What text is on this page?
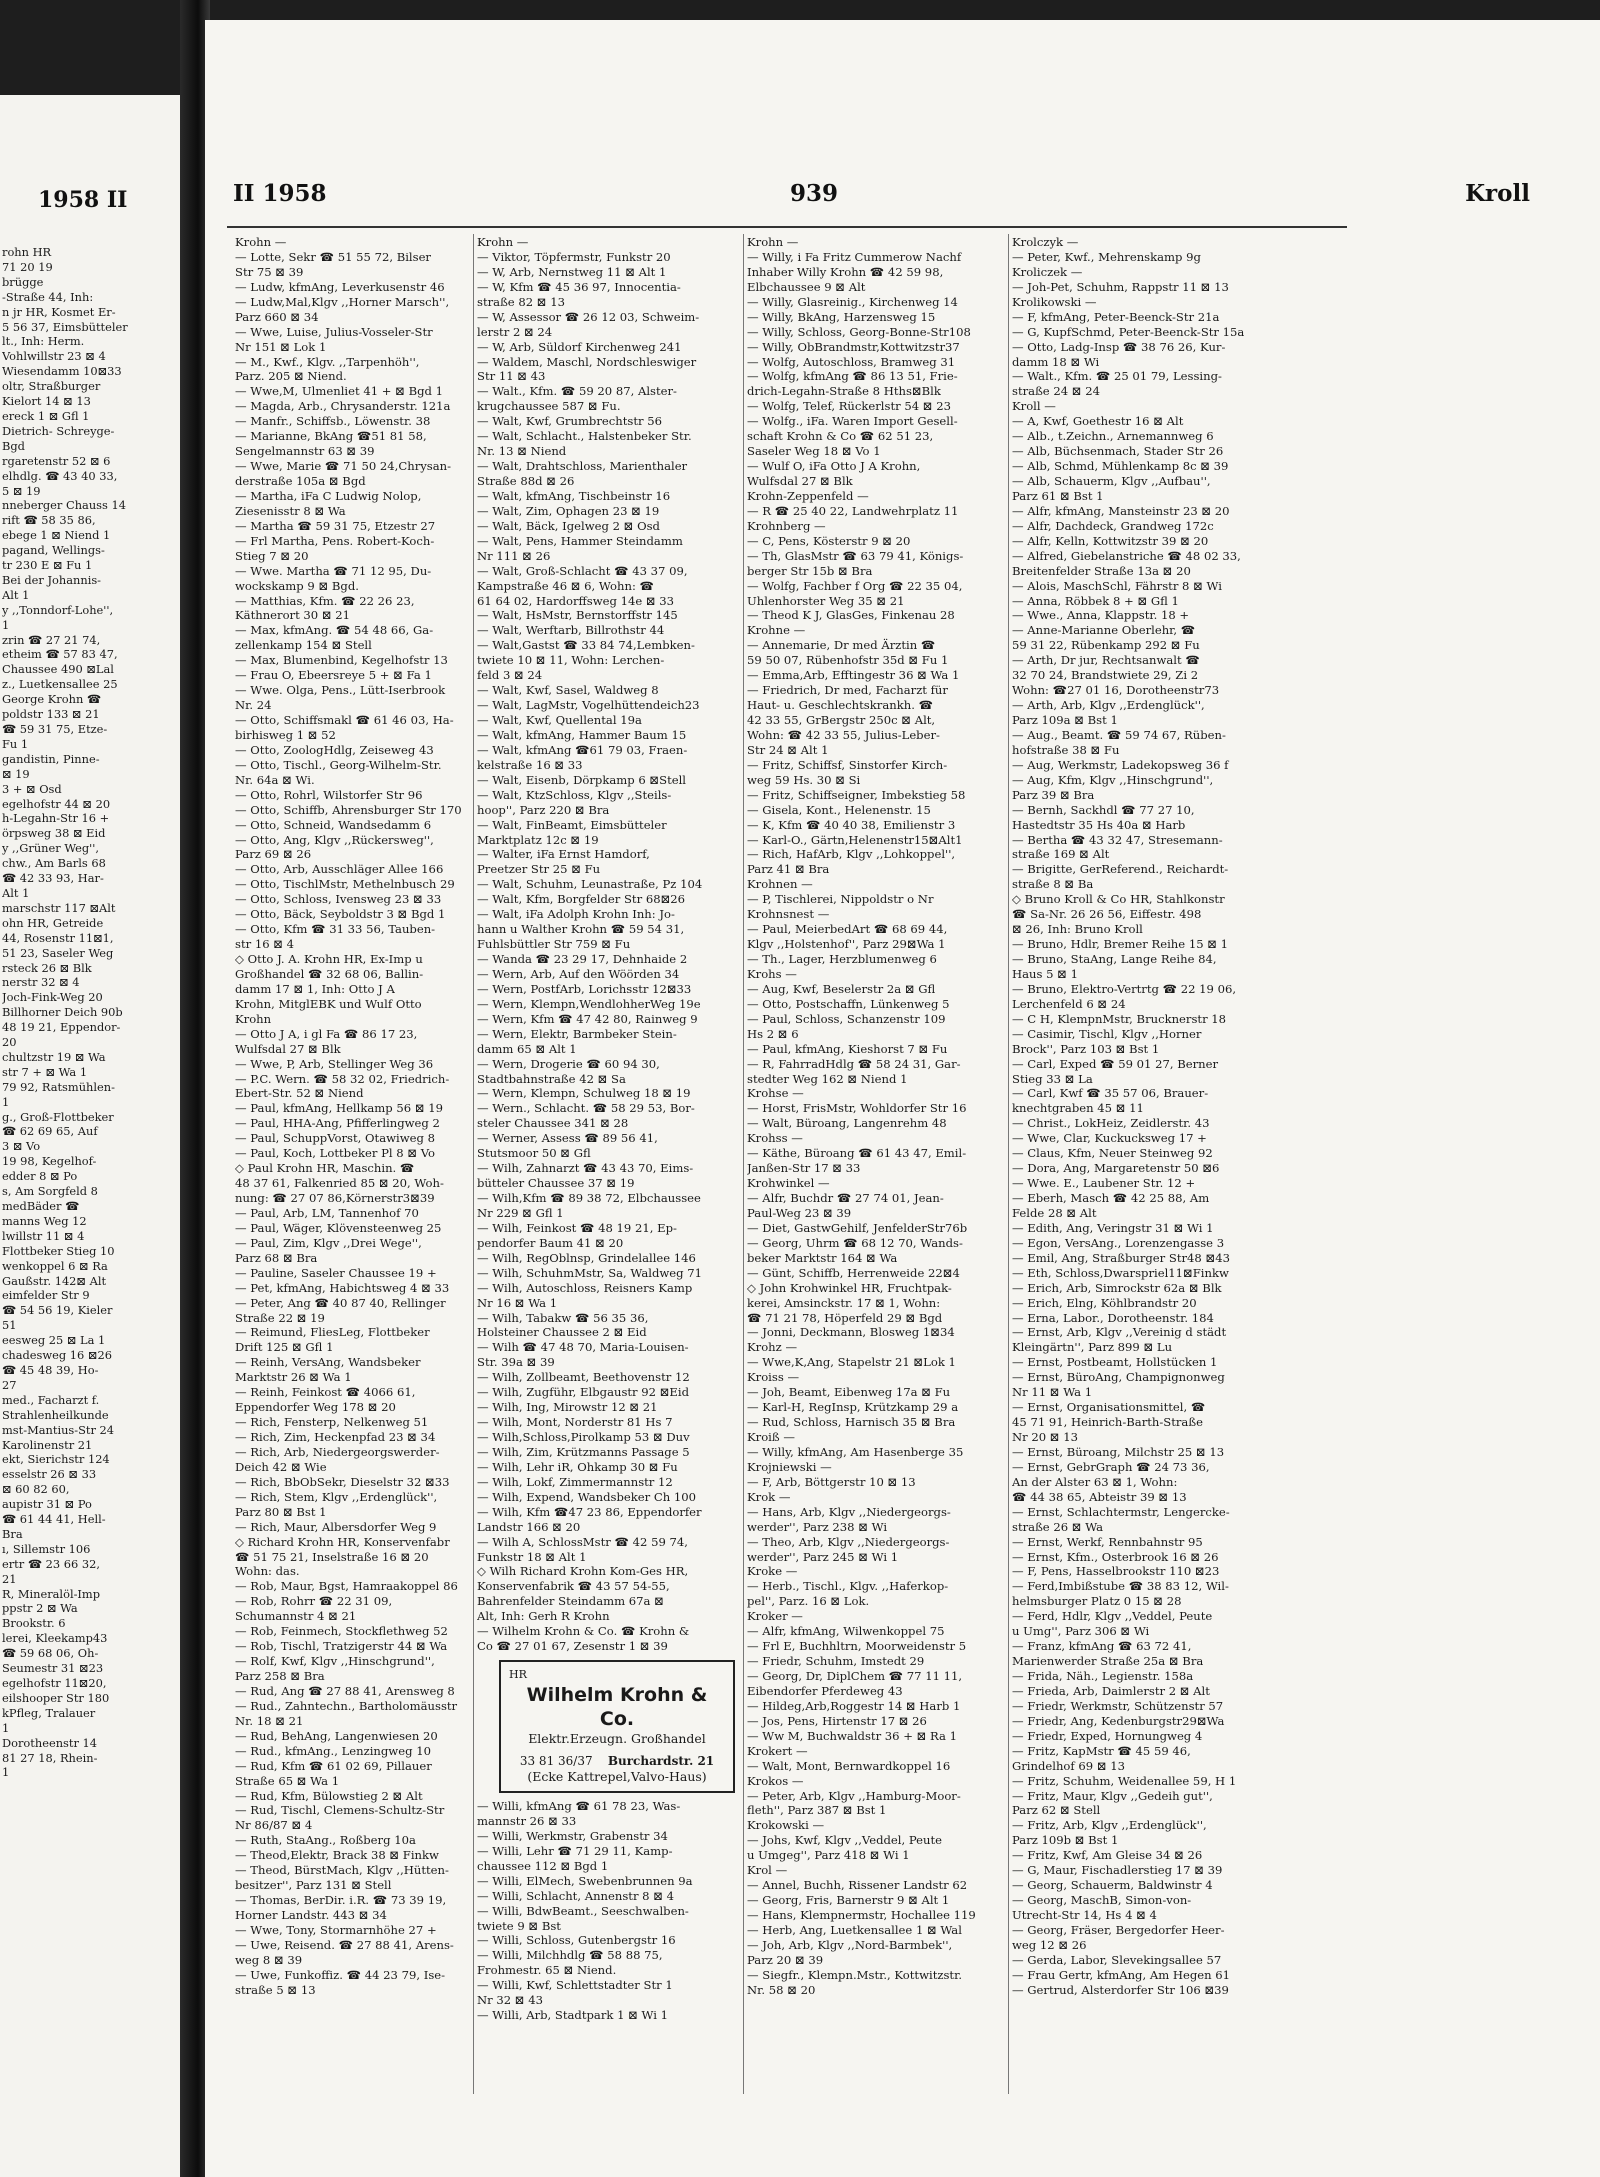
1958 II
rohn HR
71 20 19
brügge
-Straße 44, Inh:
n jr HR, Kosmet Er-
5 56 37, Eimsbütteler
lt., Inh: Herm.
Vohlwillstr 23 ⊠ 4
Wiesendamm 10⊠33
oltr, Straßburger
Kielort 14 ⊠ 13
ereck 1 ⊠ Gfl 1
Dietrich- Schreyge-
Bgd
rgaretenstr 52 ⊠ 6
elhdlg. ☎ 43 40 33,
5 ⊠ 19
nneberger Chauss 14
rift ☎ 58 35 86,
ebege 1 ⊠ Niend 1
pagand, Wellings-
tr 230 E ⊠ Fu 1
Bei der Johannis-
Alt 1
y ,,Tonndorf-Lohe'',
1
zrin ☎ 27 21 74,
etheim ☎ 57 83 47,
Chaussee 490 ⊠Lal
z., Luetkensallee 25
George Krohn ☎
poldstr 133 ⊠ 21
☎ 59 31 75, Etze-
Fu 1
gandistin, Pinne-
⊠ 19
3 + ⊠ Osd
egelhofstr 44 ⊠ 20
h-Legahn-Str 16 +
örpsweg 38 ⊠ Eid
y ,,Grüner Weg'',
chw., Am Barls 68
☎ 42 33 93, Har-
Alt 1
marschstr 117 ⊠Alt
ohn HR, Getreide
44, Rosenstr 11⊠1,
51 23, Saseler Weg
rsteck 26 ⊠ Blk
nerstr 32 ⊠ 4
Joch-Fink-Weg 20
Billhorner Deich 90b
48 19 21, Eppendor-
20
chultzstr 19 ⊠ Wa
str 7 + ⊠ Wa 1
79 92, Ratsmühlen-
1
g., Groß-Flottbeker
☎ 62 69 65, Auf
3 ⊠ Vo
19 98, Kegelhof-
edder 8 ⊠ Po
s, Am Sorgfeld 8
medBäder ☎
manns Weg 12
lwillstr 11 ⊠ 4
Flottbeker Stieg 10
wenkoppel 6 ⊠ Ra
Gaußstr. 142⊠ Alt
eimfelder Str 9
☎ 54 56 19, Kieler
51
eesweg 25 ⊠ La 1
chadesweg 16 ⊠26
☎ 45 48 39, Ho-
27
med., Facharzt f.
Strahlenheilkunde
mst-Mantius-Str 24
Karolinenstr 21
ekt, Sierichstr 124
esselstr 26 ⊠ 33
⊠ 60 82 60,
aupistr 31 ⊠ Po
☎ 61 44 41, Hell-
Bra
ı, Sillemstr 106
ertr ☎ 23 66 32,
21
R, Mineralöl-Imp
ppstr 2 ⊠ Wa
Brookstr. 6
lerei, Kleekamp43
☎ 59 68 06, Oh-
Seumestr 31 ⊠23
egelhofstr 11⊠20,
eilshooper Str 180
kPfleg, Tralauer
1
Dorotheenstr 14
81 27 18, Rhein-
1
II 1958	939	Kroll
Krohn —
— Lotte, Sekr ☎ 51 55 72, Bilser
Str 75 ⊠ 39
— Ludw, kfmAng, Leverkusenstr 46
— Ludw,Mal,Klgv ,,Horner Marsch'',
Parz 660 ⊠ 34
— Wwe, Luise, Julius-Vosseler-Str
Nr 151 ⊠ Lok 1
— M., Kwf., Klgv. ,,Tarpenhöh'',
Parz. 205 ⊠ Niend.
— Wwe,M, Ulmenliet 41 + ⊠ Bgd 1
— Magda, Arb., Chrysanderstr. 121a
— Manfr., Schiffsb., Löwenstr. 38
— Marianne, BkAng ☎51 81 58,
Sengelmannstr 63 ⊠ 39
— Wwe, Marie ☎ 71 50 24,Chrysan-
derstraße 105a ⊠ Bgd
— Martha, iFa C Ludwig Nolop,
Ziesenisstr 8 ⊠ Wa
— Martha ☎ 59 31 75, Etzestr 27
— Frl Martha, Pens. Robert-Koch-
Stieg 7 ⊠ 20
— Wwe. Martha ☎ 71 12 95, Du-
wockskamp 9 ⊠ Bgd.
— Matthias, Kfm. ☎ 22 26 23,
Käthnerort 30 ⊠ 21
— Max, kfmAng. ☎ 54 48 66, Ga-
zellenkamp 154 ⊠ Stell
— Max, Blumenbind, Kegelhofstr 13
— Frau O, Ebeersreye 5 + ⊠ Fa 1
— Wwe. Olga, Pens., Lütt-Iserbrook
Nr. 24
— Otto, Schiffsmakl ☎ 61 46 03, Ha-
birhisweg 1 ⊠ 52
— Otto, ZoologHdlg, Zeiseweg 43
— Otto, Tischl., Georg-Wilhelm-Str.
Nr. 64a ⊠ Wi.
— Otto, Rohrl, Wilstorfer Str 96
— Otto, Schiffb, Ahrensburger Str 170
— Otto, Schneid, Wandsedamm 6
— Otto, Ang, Klgv ,,Rückersweg'',
Parz 69 ⊠ 26
— Otto, Arb, Ausschläger Allee 166
— Otto, TischlMstr, Methelnbusch 29
— Otto, Schloss, Ivensweg 23 ⊠ 33
— Otto, Bäck, Seyboldstr 3 ⊠ Bgd 1
— Otto, Kfm ☎ 31 33 56, Tauben-
str 16 ⊠ 4
◇ Otto J. A. Krohn HR, Ex-Imp u
Großhandel ☎ 32 68 06, Ballin-
damm 17 ⊠ 1, Inh: Otto J A
Krohn, MitglEBK und Wulf Otto
Krohn
— Otto J A, i gl Fa ☎ 86 17 23,
Wulfsdal 27 ⊠ Blk
— Wwe, P, Arb, Stellinger Weg 36
— P.C. Wern. ☎ 58 32 02, Friedrich-
Ebert-Str. 52 ⊠ Niend
— Paul, kfmAng, Hellkamp 56 ⊠ 19
— Paul, HHA-Ang, Pfifferlingweg 2
— Paul, SchuppVorst, Otawiweg 8
— Paul, Koch, Lottbeker Pl 8 ⊠ Vo
◇ Paul Krohn HR, Maschin. ☎
48 37 61, Falkenried 85 ⊠ 20, Woh-
nung: ☎ 27 07 86,Körnerstr3⊠39
— Paul, Arb, LM, Tannenhof 70
— Paul, Wäger, Klövensteenweg 25
— Paul, Zim, Klgv ,,Drei Wege'',
Parz 68 ⊠ Bra
— Pauline, Saseler Chaussee 19 +
— Pet, kfmAng, Habichtsweg 4 ⊠ 33
— Peter, Ang ☎ 40 87 40, Rellinger
Straße 22 ⊠ 19
— Reimund, FliesLeg, Flottbeker
Drift 125 ⊠ Gfl 1
— Reinh, VersAng, Wandsbeker
Marktstr 26 ⊠ Wa 1
— Reinh, Feinkost ☎ 4066 61,
Eppendorfer Weg 178 ⊠ 20
— Rich, Fensterp, Nelkenweg 51
— Rich, Zim, Heckenpfad 23 ⊠ 34
— Rich, Arb, Niedergeorgswerder-
Deich 42 ⊠ Wie
— Rich, BbObSekr, Dieselstr 32 ⊠33
— Rich, Stem, Klgv ,,Erdenglück'',
Parz 80 ⊠ Bst 1
— Rich, Maur, Albersdorfer Weg 9
◇ Richard Krohn HR, Konservenfabr
☎ 51 75 21, Inselstraße 16 ⊠ 20
Wohn: das.
— Rob, Maur, Bgst, Hamraakoppel 86
— Rob, Rohrr ☎ 22 31 09,
Schumannstr 4 ⊠ 21
— Rob, Feinmech, Stockflethweg 52
— Rob, Tischl, Tratzigerstr 44 ⊠ Wa
— Rolf, Kwf, Klgv ,,Hinschgrund'',
Parz 258 ⊠ Bra
— Rud, Ang ☎ 27 88 41, Arensweg 8
— Rud., Zahntechn., Bartholomäusstr
Nr. 18 ⊠ 21
— Rud, BehAng, Langenwiesen 20
— Rud., kfmAng., Lenzingweg 10
— Rud, Kfm ☎ 61 02 69, Pillauer
Straße 65 ⊠ Wa 1
— Rud, Kfm, Bülowstieg 2 ⊠ Alt
— Rud, Tischl, Clemens-Schultz-Str
Nr 86/87 ⊠ 4
— Ruth, StaAng., Roßberg 10a
— Theod,Elektr, Brack 38 ⊠ Finkw
— Theod, BürstMach, Klgv ,,Hütten-
besitzer'', Parz 131 ⊠ Stell
— Thomas, BerDir. i.R. ☎ 73 39 19,
Horner Landstr. 443 ⊠ 34
— Wwe, Tony, Stormarnhöhe 27 +
— Uwe, Reisend. ☎ 27 88 41, Arens-
weg 8 ⊠ 39
— Uwe, Funkoffiz. ☎ 44 23 79, Ise-
straße 5 ⊠ 13
Krohn —
— Viktor, Töpfermstr, Funkstr 20
— W, Arb, Nernstweg 11 ⊠ Alt 1
— W, Kfm ☎ 45 36 97, Innocentia-
straße 82 ⊠ 13
— W, Assessor ☎ 26 12 03, Schweim-
lerstr 2 ⊠ 24
— W, Arb, Süldorf Kirchenweg 241
— Waldem, Maschl, Nordschleswiger
Str 11 ⊠ 43
— Walt., Kfm. ☎ 59 20 87, Alster-
krugchaussee 587 ⊠ Fu.
— Walt, Kwf, Grumbrechtstr 56
— Walt, Schlacht., Halstenbeker Str.
Nr. 13 ⊠ Niend
— Walt, Drahtschloss, Marienthaler
Straße 88d ⊠ 26
— Walt, kfmAng, Tischbeinstr 16
— Walt, Zim, Ophagen 23 ⊠ 19
— Walt, Bäck, Igelweg 2 ⊠ Osd
— Walt, Pens, Hammer Steindamm
Nr 111 ⊠ 26
— Walt, Groß-Schlacht ☎ 43 37 09,
Kampstraße 46 ⊠ 6, Wohn: ☎
61 64 02, Hardorffsweg 14e ⊠ 33
— Walt, HsMstr, Bernstorffstr 145
— Walt, Werftarb, Billrothstr 44
— Walt,Gastst ☎ 33 84 74,Lembken-
twiete 10 ⊠ 11, Wohn: Lerchen-
feld 3 ⊠ 24
— Walt, Kwf, Sasel, Waldweg 8
— Walt, LagMstr, Vogelhüttendeich23
— Walt, Kwf, Quellental 19a
— Walt, kfmAng, Hammer Baum 15
— Walt, kfmAng ☎61 79 03, Fraen-
kelstraße 16 ⊠ 33
— Walt, Eisenb, Dörpkamp 6 ⊠Stell
— Walt, KtzSchloss, Klgv ,,Steils-
hoop'', Parz 220 ⊠ Bra
— Walt, FinBeamt, Eimsbütteler
Marktplatz 12c ⊠ 19
— Walter, iFa Ernst Hamdorf,
Preetzer Str 25 ⊠ Fu
— Walt, Schuhm, Leunastraße, Pz 104
— Walt, Kfm, Borgfelder Str 68⊠26
— Walt, iFa Adolph Krohn Inh: Jo-
hann u Walther Krohn ☎ 59 54 31,
Fuhlsbüttler Str 759 ⊠ Fu
— Wanda ☎ 23 29 17, Dehnhaide 2
— Wern, Arb, Auf den Wöörden 34
— Wern, PostfArb, Lorichsstr 12⊠33
— Wern, Klempn,WendlohherWeg 19e
— Wern, Kfm ☎ 47 42 80, Rainweg 9
— Wern, Elektr, Barmbeker Stein-
damm 65 ⊠ Alt 1
— Wern, Drogerie ☎ 60 94 30,
Stadtbahnstraße 42 ⊠ Sa
— Wern, Klempn, Schulweg 18 ⊠ 19
— Wern., Schlacht. ☎ 58 29 53, Bor-
steler Chaussee 341 ⊠ 28
— Werner, Assess ☎ 89 56 41,
Stutsmoor 50 ⊠ Gfl
— Wilh, Zahnarzt ☎ 43 43 70, Eims-
bütteler Chaussee 37 ⊠ 19
— Wilh,Kfm ☎ 89 38 72, Elbchaussee
Nr 229 ⊠ Gfl 1
— Wilh, Feinkost ☎ 48 19 21, Ep-
pendorfer Baum 41 ⊠ 20
— Wilh, RegOblnsp, Grindelallee 146
— Wilh, SchuhmMstr, Sa, Waldweg 71
— Wilh, Autoschloss, Reisners Kamp
Nr 16 ⊠ Wa 1
— Wilh, Tabakw ☎ 56 35 36,
Holsteiner Chaussee 2 ⊠ Eid
— Wilh ☎ 47 48 70, Maria-Louisen-
Str. 39a ⊠ 39
— Wilh, Zollbeamt, Beethovenstr 12
— Wilh, Zugführ, Elbgaustr 92 ⊠Eid
— Wilh, Ing, Mirowstr 12 ⊠ 21
— Wilh, Mont, Norderstr 81 Hs 7
— Wilh,Schloss,Pirolkamp 53 ⊠ Duv
— Wilh, Zim, Krützmanns Passage 5
— Wilh, Lehr iR, Ohkamp 30 ⊠ Fu
— Wilh, Lokf, Zimmermannstr 12
— Wilh, Expend, Wandsbeker Ch 100
— Wilh, Kfm ☎47 23 86, Eppendorfer
Landstr 166 ⊠ 20
— Wilh A, SchlossMstr ☎ 42 59 74,
Funkstr 18 ⊠ Alt 1
◇ Wilh Richard Krohn Kom-Ges HR,
Konservenfabrik ☎ 43 57 54-55,
Bahrenfelder Steindamm 67a ⊠
Alt, Inh: Gerh R Krohn
— Wilhelm Krohn & Co. ☎ Krohn &
Co ☎ 27 01 67, Zesenstr 1 ⊠ 39
HR
Wilhelm Krohn & Co.
Elektr.Erzeugn. Großhandel
33 81 36/37 Burchardstr. 21
(Ecke Kattrepel,Valvo-Haus)
— Willi, kfmAng ☎ 61 78 23, Was-
mannstr 26 ⊠ 33
— Willi, Werkmstr, Grabenstr 34
— Willi, Lehr ☎ 71 29 11, Kamp-
chaussee 112 ⊠ Bgd 1
— Willi, ElMech, Swebenbrunnen 9a
— Willi, Schlacht, Annenstr 8 ⊠ 4
— Willi, BdwBeamt., Seeschwalben-
twiete 9 ⊠ Bst
— Willi, Schloss, Gutenbergstr 16
— Willi, Milchhdlg ☎ 58 88 75,
Frohmestr. 65 ⊠ Niend.
— Willi, Kwf, Schlettstadter Str 1
Nr 32 ⊠ 43
— Willi, Arb, Stadtpark 1 ⊠ Wi 1
Krohn —
— Willy, i Fa Fritz Cummerow Nachf
Inhaber Willy Krohn ☎ 42 59 98,
Elbchaussee 9 ⊠ Alt
— Willy, Glasreinig., Kirchenweg 14
— Willy, BkAng, Harzensweg 15
— Willy, Schloss, Georg-Bonne-Str108
— Willy, ObBrandmstr,Kottwitzstr37
— Wolfg, Autoschloss, Bramweg 31
— Wolfg, kfmAng ☎ 86 13 51, Frie-
drich-Legahn-Straße 8 Hths⊠Blk
— Wolfg, Telef, Rückerlstr 54 ⊠ 23
— Wolfg., iFa. Waren Import Gesell-
schaft Krohn & Co ☎ 62 51 23,
Saseler Weg 18 ⊠ Vo 1
— Wulf O, iFa Otto J A Krohn,
Wulfsdal 27 ⊠ Blk
Krohn-Zeppenfeld —
— R ☎ 25 40 22, Landwehrplatz 11
Krohnberg —
— C, Pens, Kösterstr 9 ⊠ 20
— Th, GlasMstr ☎ 63 79 41, Königs-
berger Str 15b ⊠ Bra
— Wolfg, Fachber f Org ☎ 22 35 04,
Uhlenhorster Weg 35 ⊠ 21
— Theod K J, GlasGes, Finkenau 28
Krohne —
— Annemarie, Dr med Ärztin ☎
59 50 07, Rübenhofstr 35d ⊠ Fu 1
— Emma,Arb, Efftingestr 36 ⊠ Wa 1
— Friedrich, Dr med, Facharzt für
Haut- u. Geschlechtskrankh. ☎
42 33 55, GrBergstr 250c ⊠ Alt,
Wohn: ☎ 42 33 55, Julius-Leber-
Str 24 ⊠ Alt 1
— Fritz, Schiffsf, Sinstorfer Kirch-
weg 59 Hs. 30 ⊠ Si
— Fritz, Schiffseigner, Imbekstieg 58
— Gisela, Kont., Helenenstr. 15
— K, Kfm ☎ 40 40 38, Emilienstr 3
— Karl-O., Gärtn,Helenenstr15⊠Alt1
— Rich, HafArb, Klgv ,,Lohkoppel'',
Parz 41 ⊠ Bra
Krohnen —
— P, Tischlerei, Nippoldstr o Nr
Krohnsnest —
— Paul, MeierbedArt ☎ 68 69 44,
Klgv ,,Holstenhof'', Parz 29⊠Wa 1
— Th., Lager, Herzblumenweg 6
Krohs —
— Aug, Kwf, Beselerstr 2a ⊠ Gfl
— Otto, Postschaffn, Lünkenweg 5
— Paul, Schloss, Schanzenstr 109
Hs 2 ⊠ 6
— Paul, kfmAng, Kieshorst 7 ⊠ Fu
— R, FahrradHdlg ☎ 58 24 31, Gar-
stedter Weg 162 ⊠ Niend 1
Krohse —
— Horst, FrisMstr, Wohldorfer Str 16
— Walt, Büroang, Langenrehm 48
Krohss —
— Käthe, Büroang ☎ 61 43 47, Emil-
Janßen-Str 17 ⊠ 33
Krohwinkel —
— Alfr, Buchdr ☎ 27 74 01, Jean-
Paul-Weg 23 ⊠ 39
— Diet, GastwGehilf, JenfelderStr76b
— Georg, Uhrm ☎ 68 12 70, Wands-
beker Marktstr 164 ⊠ Wa
— Günt, Schiffb, Herrenweide 22⊠4
◇ John Krohwinkel HR, Fruchtpak-
kerei, Amsinckstr. 17 ⊠ 1, Wohn:
☎ 71 21 78, Höperfeld 29 ⊠ Bgd
— Jonni, Deckmann, Blosweg 1⊠34
Krohz —
— Wwe,K,Ang, Stapelstr 21 ⊠Lok 1
Kroiss —
— Joh, Beamt, Eibenweg 17a ⊠ Fu
— Karl-H, RegInsp, Krützkamp 29 a
— Rud, Schloss, Harnisch 35 ⊠ Bra
Kroiß —
— Willy, kfmAng, Am Hasenberge 35
Krojniewski —
— F, Arb, Böttgerstr 10 ⊠ 13
Krok —
— Hans, Arb, Klgv ,,Niedergeorgs-
werder'', Parz 238 ⊠ Wi
— Theo, Arb, Klgv ,,Niedergeorgs-
werder'', Parz 245 ⊠ Wi 1
Kroke —
— Herb., Tischl., Klgv. ,,Haferkop-
pel'', Parz. 16 ⊠ Lok.
Kroker —
— Alfr, kfmAng, Wilwenkoppel 75
— Frl E, Buchhltrn, Moorweidenstr 5
— Friedr, Schuhm, Imstedt 29
— Georg, Dr, DiplChem ☎ 77 11 11,
Eibendorfer Pferdeweg 43
— Hildeg,Arb,Roggestr 14 ⊠ Harb 1
— Jos, Pens, Hirtenstr 17 ⊠ 26
— Ww M, Buchwaldstr 36 + ⊠ Ra 1
Krokert —
— Walt, Mont, Bernwardkoppel 16
Krokos —
— Peter, Arb, Klgv ,,Hamburg-Moor-
fleth'', Parz 387 ⊠ Bst 1
Krokowski —
— Johs, Kwf, Klgv ,,Veddel, Peute
u Umgeg'', Parz 418 ⊠ Wi 1
Krol —
— Annel, Buchh, Rissener Landstr 62
— Georg, Fris, Barnerstr 9 ⊠ Alt 1
— Hans, Klempnermstr, Hochallee 119
— Herb, Ang, Luetkensallee 1 ⊠ Wal
— Joh, Arb, Klgv ,,Nord-Barmbek'',
Parz 20 ⊠ 39
— Siegfr., Klempn.Mstr., Kottwitzstr.
Nr. 58 ⊠ 20
Krolczyk —
— Peter, Kwf., Mehrenskamp 9g
Kroliczek —
— Joh-Pet, Schuhm, Rappstr 11 ⊠ 13
Krolikowski —
— F, kfmAng, Peter-Beenck-Str 21a
— G, KupfSchmd, Peter-Beenck-Str 15a
— Otto, Ladg-Insp ☎ 38 76 26, Kur-
damm 18 ⊠ Wi
— Walt., Kfm. ☎ 25 01 79, Lessing-
straße 24 ⊠ 24
Kroll —
— A, Kwf, Goethestr 16 ⊠ Alt
— Alb., t.Zeichn., Arnemannweg 6
— Alb, Büchsenmach, Stader Str 26
— Alb, Schmd, Mühlenkamp 8c ⊠ 39
— Alb, Schauerm, Klgv ,,Aufbau'',
Parz 61 ⊠ Bst 1
— Alfr, kfmAng, Mansteinstr 23 ⊠ 20
— Alfr, Dachdeck, Grandweg 172c
— Alfr, Kelln, Kottwitzstr 39 ⊠ 20
— Alfred, Giebelanstriche ☎ 48 02 33,
Breitenfelder Straße 13a ⊠ 20
— Alois, MaschSchl, Fährstr 8 ⊠ Wi
— Anna, Röbbek 8 + ⊠ Gfl 1
— Wwe., Anna, Klappstr. 18 +
— Anne-Marianne Oberlehr, ☎
59 31 22, Rübenkamp 292 ⊠ Fu
— Arth, Dr jur, Rechtsanwalt ☎
32 70 24, Brandstwiete 29, Zi 2
Wohn: ☎27 01 16, Dorotheenstr73
— Arth, Arb, Klgv ,,Erdenglück'',
Parz 109a ⊠ Bst 1
— Aug., Beamt. ☎ 59 74 67, Rüben-
hofstraße 38 ⊠ Fu
— Aug, Werkmstr, Ladekopsweg 36 f
— Aug, Kfm, Klgv ,,Hinschgrund'',
Parz 39 ⊠ Bra
— Bernh, Sackhdl ☎ 77 27 10,
Hastedtstr 35 Hs 40a ⊠ Harb
— Bertha ☎ 43 32 47, Stresemann-
straße 169 ⊠ Alt
— Brigitte, GerReferend., Reichardt-
straße 8 ⊠ Ba
◇ Bruno Kroll & Co HR, Stahlkonstr
☎ Sa-Nr. 26 26 56, Eiffestr. 498
⊠ 26, Inh: Bruno Kroll
— Bruno, Hdlr, Bremer Reihe 15 ⊠ 1
— Bruno, StaAng, Lange Reihe 84,
Haus 5 ⊠ 1
— Bruno, Elektro-Vertrtg ☎ 22 19 06,
Lerchenfeld 6 ⊠ 24
— C H, KlempnMstr, Brucknerstr 18
— Casimir, Tischl, Klgv ,,Horner
Brock'', Parz 103 ⊠ Bst 1
— Carl, Exped ☎ 59 01 27, Berner
Stieg 33 ⊠ La
— Carl, Kwf ☎ 35 57 06, Brauer-
knechtgraben 45 ⊠ 11
— Christ., LokHeiz, Zeidlerstr. 43
— Wwe, Clar, Kuckucksweg 17 +
— Claus, Kfm, Neuer Steinweg 92
— Dora, Ang, Margaretenstr 50 ⊠6
— Wwe. E., Laubener Str. 12 +
— Eberh, Masch ☎ 42 25 88, Am
Felde 28 ⊠ Alt
— Edith, Ang, Veringstr 31 ⊠ Wi 1
— Egon, VersAng., Lorenzengasse 3
— Emil, Ang, Straßburger Str48 ⊠43
— Eth, Schloss,Dwarspriel11⊠Finkw
— Erich, Arb, Simrockstr 62a ⊠ Blk
— Erich, Elng, Köhlbrandstr 20
— Erna, Labor., Dorotheenstr. 184
— Ernst, Arb, Klgv ,,Vereinig d städt
Kleingärtn'', Parz 899 ⊠ Lu
— Ernst, Postbeamt, Hollstücken 1
— Ernst, BüroAng, Champignonweg
Nr 11 ⊠ Wa 1
— Ernst, Organisationsmittel, ☎
45 71 91, Heinrich-Barth-Straße
Nr 20 ⊠ 13
— Ernst, Büroang, Milchstr 25 ⊠ 13
— Ernst, GebrGraph ☎ 24 73 36,
An der Alster 63 ⊠ 1, Wohn:
☎ 44 38 65, Abteistr 39 ⊠ 13
— Ernst, Schlachtermstr, Lengercke-
straße 26 ⊠ Wa
— Ernst, Werkf, Rennbahnstr 95
— Ernst, Kfm., Osterbrook 16 ⊠ 26
— F, Pens, Hasselbrookstr 110 ⊠23
— Ferd,Imbißstube ☎ 38 83 12, Wil-
helmsburger Platz 0 15 ⊠ 28
— Ferd, Hdlr, Klgv ,,Veddel, Peute
u Umg'', Parz 306 ⊠ Wi
— Franz, kfmAng ☎ 63 72 41,
Marienwerder Straße 25a ⊠ Bra
— Frida, Näh., Legienstr. 158a
— Frieda, Arb, Daimlerstr 2 ⊠ Alt
— Friedr, Werkmstr, Schützenstr 57
— Friedr, Ang, Kedenburgstr29⊠Wa
— Friedr, Exped, Hornungweg 4
— Fritz, KapMstr ☎ 45 59 46,
Grindelhof 69 ⊠ 13
— Fritz, Schuhm, Weidenallee 59, H 1
— Fritz, Maur, Klgv ,,Gedeih gut'',
Parz 62 ⊠ Stell
— Fritz, Arb, Klgv ,,Erdenglück'',
Parz 109b ⊠ Bst 1
— Fritz, Kwf, Am Gleise 34 ⊠ 26
— G, Maur, Fischadlerstieg 17 ⊠ 39
— Georg, Schauerm, Baldwinstr 4
— Georg, MaschB, Simon-von-
Utrecht-Str 14, Hs 4 ⊠ 4
— Georg, Fräser, Bergedorfer Heer-
weg 12 ⊠ 26
— Gerda, Labor, Slevekingsallee 57
— Frau Gertr, kfmAng, Am Hegen 61
— Gertrud, Alsterdorfer Str 106 ⊠39
